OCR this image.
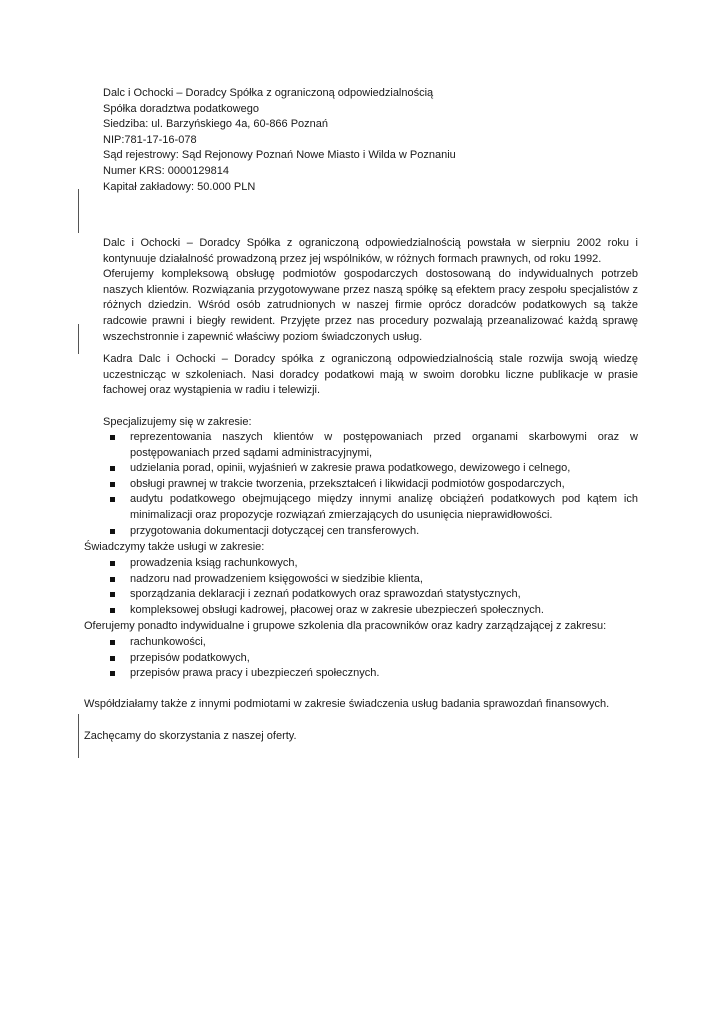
Dalc i Ochocki – Doradcy Spółka z ograniczoną odpowiedzialnością
Spółka doradztwa podatkowego
Siedziba: ul. Barzyńskiego 4a, 60-866 Poznań
NIP:781-17-16-078
Sąd rejestrowy: Sąd Rejonowy Poznań Nowe Miasto i Wilda w Poznaniu
Numer KRS: 0000129814
Kapitał zakładowy: 50.000 PLN
Dalc i Ochocki – Doradcy Spółka z ograniczoną odpowiedzialnością powstała w sierpniu 2002 roku i kontynuuje działalność prowadzoną przez jej wspólników, w różnych formach prawnych, od roku 1992.
Oferujemy kompleksową obsługę podmiotów gospodarczych dostosowaną do indywidualnych potrzeb naszych klientów. Rozwiązania przygotowywane przez naszą spółkę są efektem pracy zespołu specjalistów z różnych dziedzin. Wśród osób zatrudnionych w naszej firmie oprócz doradców podatkowych są także radcowie prawni i biegły rewident. Przyjęte przez nas procedury pozwalają przeanalizować każdą sprawę wszechstronnie i zapewnić właściwy poziom świadczonych usług.
Kadra Dalc i Ochocki – Doradcy spółka z ograniczoną odpowiedzialnością stale rozwija swoją wiedzę uczestnicząc w szkoleniach. Nasi doradcy podatkowi mają w swoim dorobku liczne publikacje w prasie fachowej oraz wystąpienia w radiu i telewizji.
Specjalizujemy się w zakresie:
reprezentowania naszych klientów w postępowaniach przed organami skarbowymi oraz w postępowaniach przed sądami administracyjnymi,
udzielania porad, opinii, wyjaśnień w zakresie prawa podatkowego, dewizowego i celnego,
obsługi prawnej w trakcie tworzenia, przekształceń i likwidacji podmiotów gospodarczych,
audytu podatkowego obejmującego między innymi analizę obciążeń podatkowych pod kątem ich minimalizacji oraz propozycje rozwiązań zmierzających do usunięcia nieprawidłowości.
przygotowania dokumentacji dotyczącej cen transferowych.
Świadczymy także usługi w zakresie:
prowadzenia ksiąg rachunkowych,
nadzoru nad prowadzeniem księgowości w siedzibie klienta,
sporządzania deklaracji i zeznań podatkowych oraz sprawozdań statystycznych,
kompleksowej obsługi kadrowej, płacowej oraz w zakresie ubezpieczeń społecznych.
Oferujemy ponadto indywidualne i grupowe szkolenia dla pracowników oraz kadry zarządzającej z zakresu:
rachunkowości,
przepisów podatkowych,
przepisów prawa pracy i ubezpieczeń społecznych.
Współdziałamy także z innymi podmiotami w zakresie świadczenia usług badania sprawozdań finansowych.
Zachęcamy do skorzystania z naszej oferty.
